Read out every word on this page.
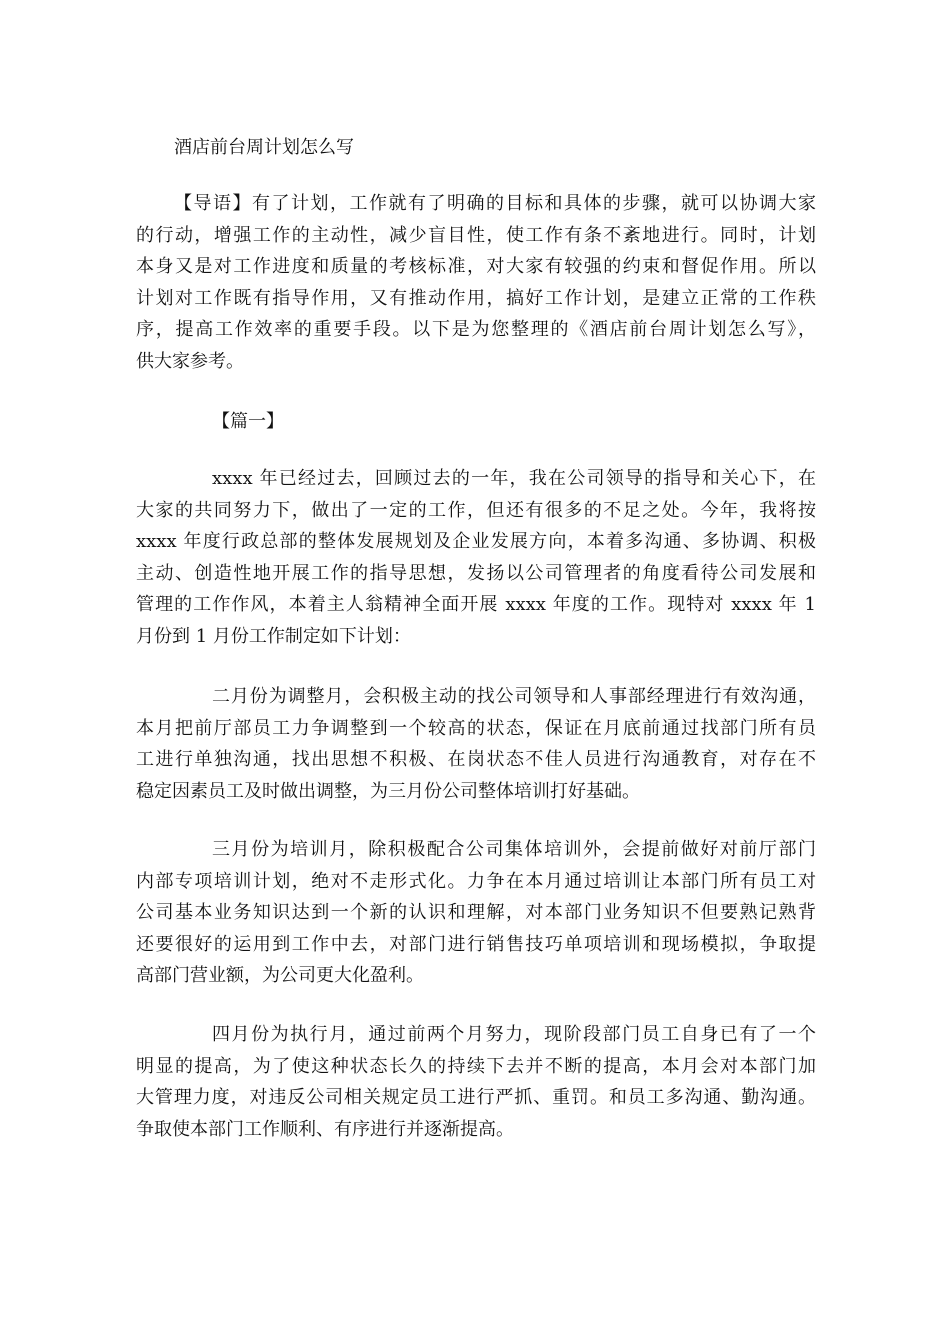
酒店前台周计划怎么写
【导语】有了计划，工作就有了明确的目标和具体的步骤，就可以协调大家
的行动，增强工作的主动性，减少盲目性，使工作有条不紊地进行。同时，计划
本身又是对工作进度和质量的考核标准，对大家有较强的约束和督促作用。所以
计划对工作既有指导作用，又有推动作用，搞好工作计划，是建立正常的工作秩
序，提高工作效率的重要手段。以下是为您整理的《酒店前台周计划怎么写》，
供大家参考。
【篇一】
xxxx 年已经过去，回顾过去的一年，我在公司领导的指导和关心下，在
大家的共同努力下，做出了一定的工作，但还有很多的不足之处。今年，我将按
xxxx 年度行政总部的整体发展规划及企业发展方向，本着多沟通、多协调、积极
主动、创造性地开展工作的指导思想，发扬以公司管理者的角度看待公司发展和
管理的工作作风，本着主人翁精神全面开展 xxxx 年度的工作。现特对 xxxx 年 1
月份到 1 月份工作制定如下计划：
二月份为调整月，会积极主动的找公司领导和人事部经理进行有效沟通，
本月把前厅部员工力争调整到一个较高的状态，保证在月底前通过找部门所有员
工进行单独沟通，找出思想不积极、在岗状态不佳人员进行沟通教育，对存在不
稳定因素员工及时做出调整，为三月份公司整体培训打好基础。
三月份为培训月，除积极配合公司集体培训外，会提前做好对前厅部门
内部专项培训计划，绝对不走形式化。力争在本月通过培训让本部门所有员工对
公司基本业务知识达到一个新的认识和理解，对本部门业务知识不但要熟记熟背
还要很好的运用到工作中去，对部门进行销售技巧单项培训和现场模拟，争取提
高部门营业额，为公司更大化盈利。
四月份为执行月，通过前两个月努力，现阶段部门员工自身已有了一个
明显的提高，为了使这种状态长久的持续下去并不断的提高，本月会对本部门加
大管理力度，对违反公司相关规定员工进行严抓、重罚。和员工多沟通、勤沟通。
争取使本部门工作顺利、有序进行并逐渐提高。
